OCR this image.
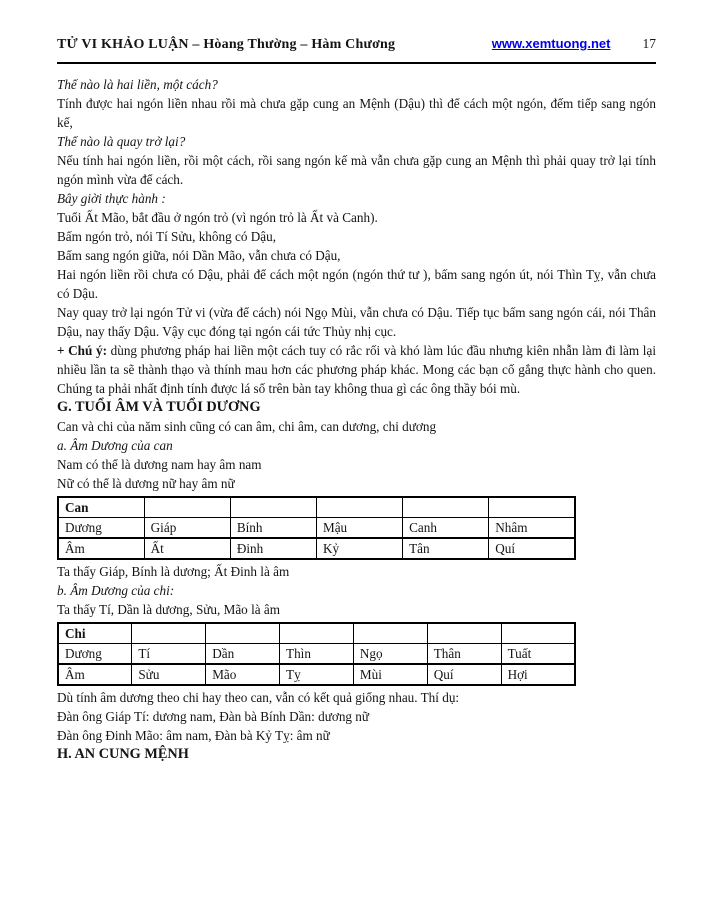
TỬ VI KHẢO LUẬN – Hòang Thường – Hàm Chương	www.xemtuong.net 17

Thế nào là hai liền, một cách?

Tính được hai ngón liền nhau rồi mà chưa gặp cung an Mệnh (Dậu) thì để cách một ngón, đếm tiếp sang ngón kế,

Thế nào là quay trở lại?

Nếu tính hai ngón liền, rồi một cách, rồi sang ngón kế mà vẫn chưa gặp cung an Mệnh thì phải quay trở lại tính ngón mình vừa để cách.

Bây giời thực hành :

Tuổi Ất Mão, bắt đầu ở ngón trỏ (vì ngón trỏ là Ất và Canh).

Bấm ngón trỏ, nói Tí Sửu, không có Dậu,

Bấm sang ngón giữa, nói Dần Mão, vẫn chưa có Dậu,

Hai ngón liền rồi chưa có Dậu, phải để cách một ngón (ngón thứ tư ), bấm sang ngón út, nói Thìn Tỵ, vẫn chưa có Dậu.

Nay quay trở lại ngón Tử vi (vừa để cách) nói Ngọ Mùi, vẫn chưa có Dậu. Tiếp tục bấm sang ngón cái, nói Thân Dậu, nay thấy Dậu. Vậy cục đóng tại ngón cái tức Thủy nhị cục.

+ Chú ý: dùng phương pháp hai liền một cách tuy có rắc rối và khó làm lúc đầu nhưng kiên nhẫn làm đi làm lại nhiều lần ta sẽ thành thạo và thính mau hơn các phương pháp khác. Mong các bạn cố gắng thực hành cho quen. Chúng ta phải nhất định tính được lá số trên bàn tay không thua gì các ông thầy bói mù.

G. TUỔI ÂM VÀ TUỔI DƯƠNG

Can và chi của năm sinh cũng có can âm, chi âm, can dương, chi dương

a. Âm Dương của can

Nam có thể là dương nam hay âm nam

Nữ có thể là dương nữ hay âm nữ

Can					
Dương	Giáp	Bính	Mậu	Canh	Nhâm
Âm	Ất	Đinh	Kỷ	Tân	Quí

Ta thấy Giáp, Bính là dương; Ất Đinh là âm

b. Âm Dương của chi:

Ta thấy Tí, Dần là dương, Sửu, Mão là âm

Chi						
Dương	Tí	Dần	Thìn	Ngọ	Thân	Tuất
Âm	Sửu	Mão	Tỵ	Mùi	Quí	Hợi

Dù tính âm dương theo chi hay theo can, vẫn có kết quả giống nhau. Thí dụ:

Đàn ông Giáp Tí: dương nam, Đàn bà Bính Dần: dương nữ

Đàn ông Đinh Mão: âm nam, Đàn bà Kỷ Tỵ: âm nữ

H. AN CUNG MỆNH
